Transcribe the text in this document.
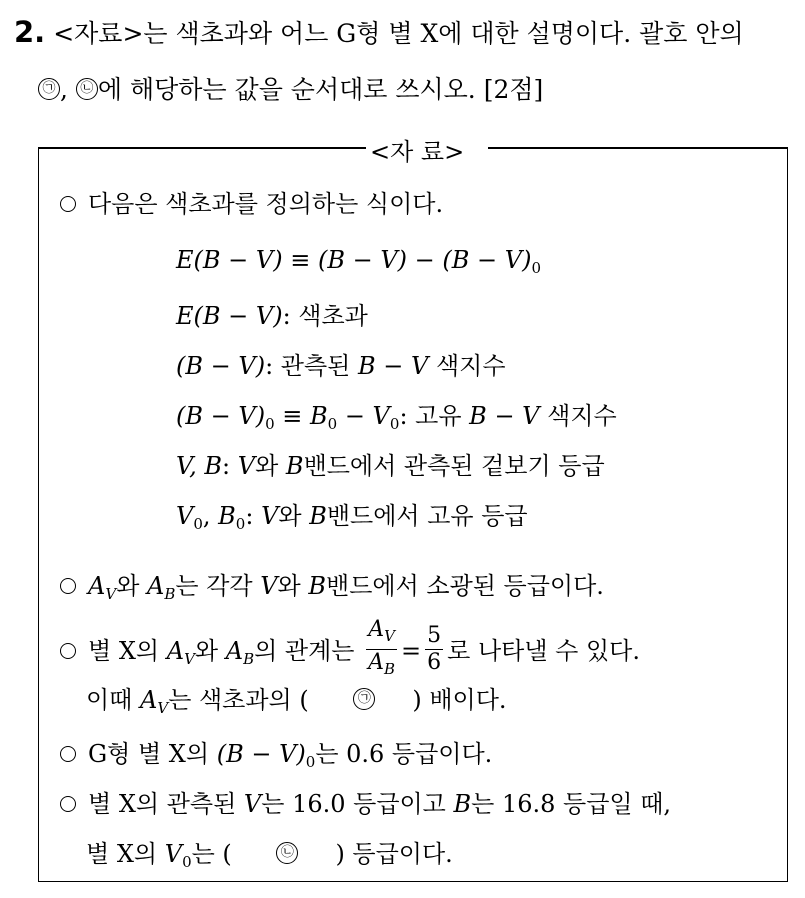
2. <자료>는 색초과와 어느 G형 별 X에 대한 설명이다. 괄호 안의
㉠ , ㉡ 에 해당하는 값을 순서대로 쓰시오. [2점]
<자 료>
다음은 색초과를 정의하는 식이다.
$E(B - V) \equiv (B - V) - (B - V)_0$
E(B − V): 색초과
(B − V): 관측된 B − V 색지수
$(B - V)_0 \equiv B_0 - V_0$: 고유 B − V 색지수
V, B: V와 B밴드에서 관측된 겉보기 등급
$V_0$, $B_0$: V와 B밴드에서 고유 등급
$A_V$와 $A_B$는 각각 V와 B밴드에서 소광된 등급이다.
별 X의 $A_V$와 $A_B$의 관계는 $\frac{A_V}{A_B} = \frac{5}{6}$ 로 나타낼 수 있다.
이때 $A_V$는 색초과의 (	㉠ ) 배이다.
G형 별 X의 $(B - V)_0$는 0.6 등급이다.
별 X의 관측된 V는 16.0 등급이고 B는 16.8 등급일 때,
별 X의 $V_0$는 (	㉡ ) 등급이다.
